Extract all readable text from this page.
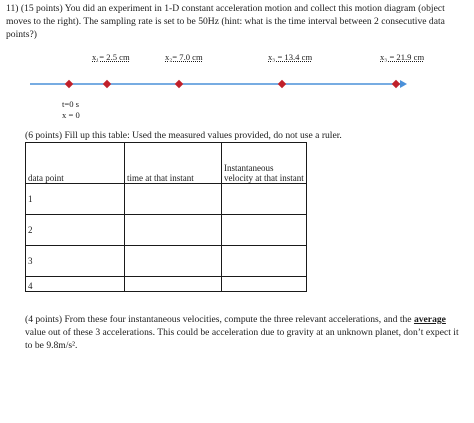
11) (15 points) You did an experiment in 1-D constant acceleration motion and collect this motion diagram (object moves to the right). The sampling rate is set to be 50Hz (hint: what is the time interval between 2 consecutive data points?)
x₁= 2.5 cm	x₂= 7.0 cm	x₃ = 13.4 cm	x₃ = 21.9 cm
t=0 s
x = 0
(6 points) Fill up this table: Used the measured values provided, do not use a ruler.
data point	time at that instant	Instantaneous velocity at that instant
1		
2		
3		
4		
(4 points) From these four instantaneous velocities, compute the three relevant accelerations, and the average value out of these 3 accelerations. This could be acceleration due to gravity at an unknown planet, don’t expect it to be 9.8m/s².
